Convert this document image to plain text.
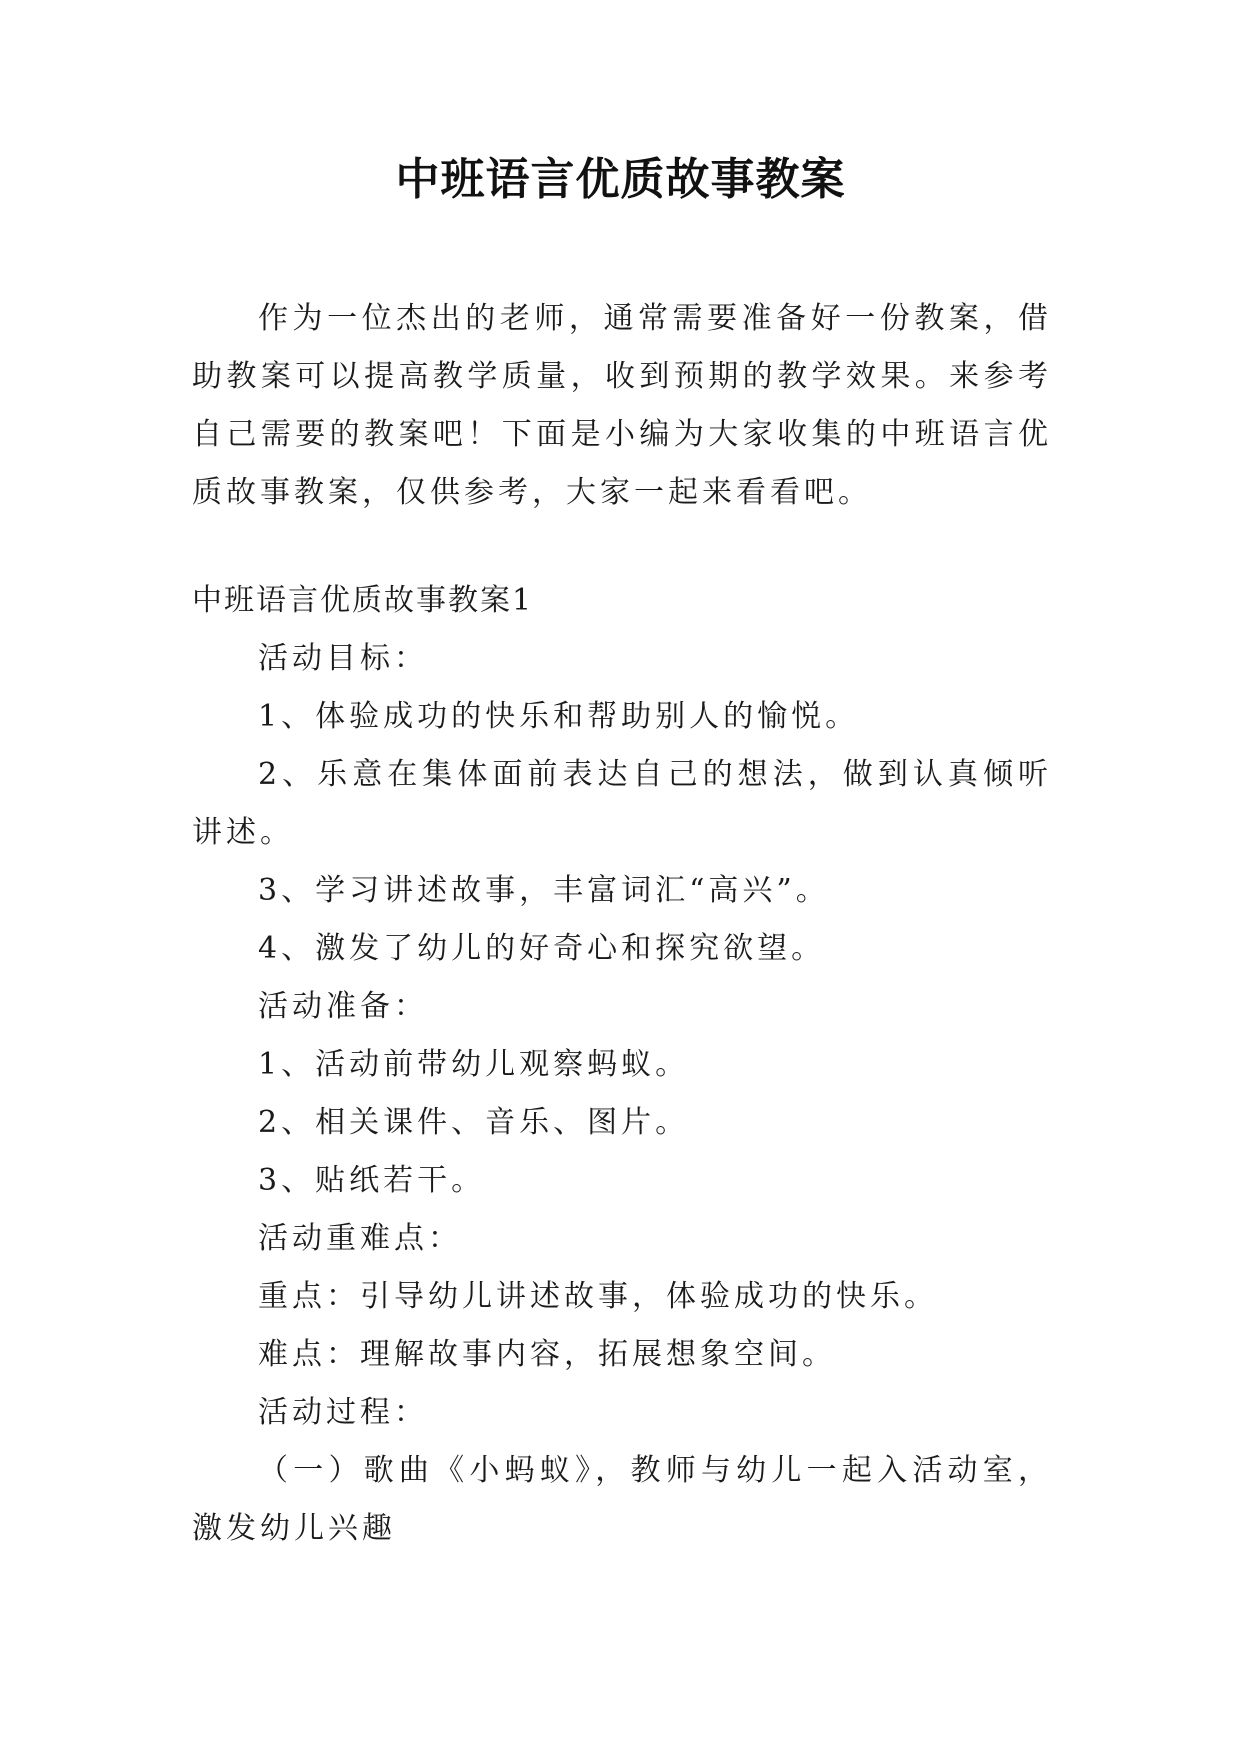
中班语言优质故事教案

作为一位杰出的老师，通常需要准备好一份教案，借助教案可以提高教学质量，收到预期的教学效果。来参考自己需要的教案吧！下面是小编为大家收集的中班语言优质故事教案，仅供参考，大家一起来看看吧。

中班语言优质故事教案1
活动目标：
1、体验成功的快乐和帮助别人的愉悦。

2、乐意在集体面前表达自己的想法，做到认真倾听讲述。

3、学习讲述故事，丰富词汇“高兴”。
4、激发了幼儿的好奇心和探究欲望。
活动准备：
1、活动前带幼儿观察蚂蚁。
2、相关课件、音乐、图片。
3、贴纸若干。
活动重难点：
重点：引导幼儿讲述故事，体验成功的快乐。
难点：理解故事内容，拓展想象空间。
活动过程：

（一）歌曲《小蚂蚁》，教师与幼儿一起入活动室，激发幼儿兴趣
